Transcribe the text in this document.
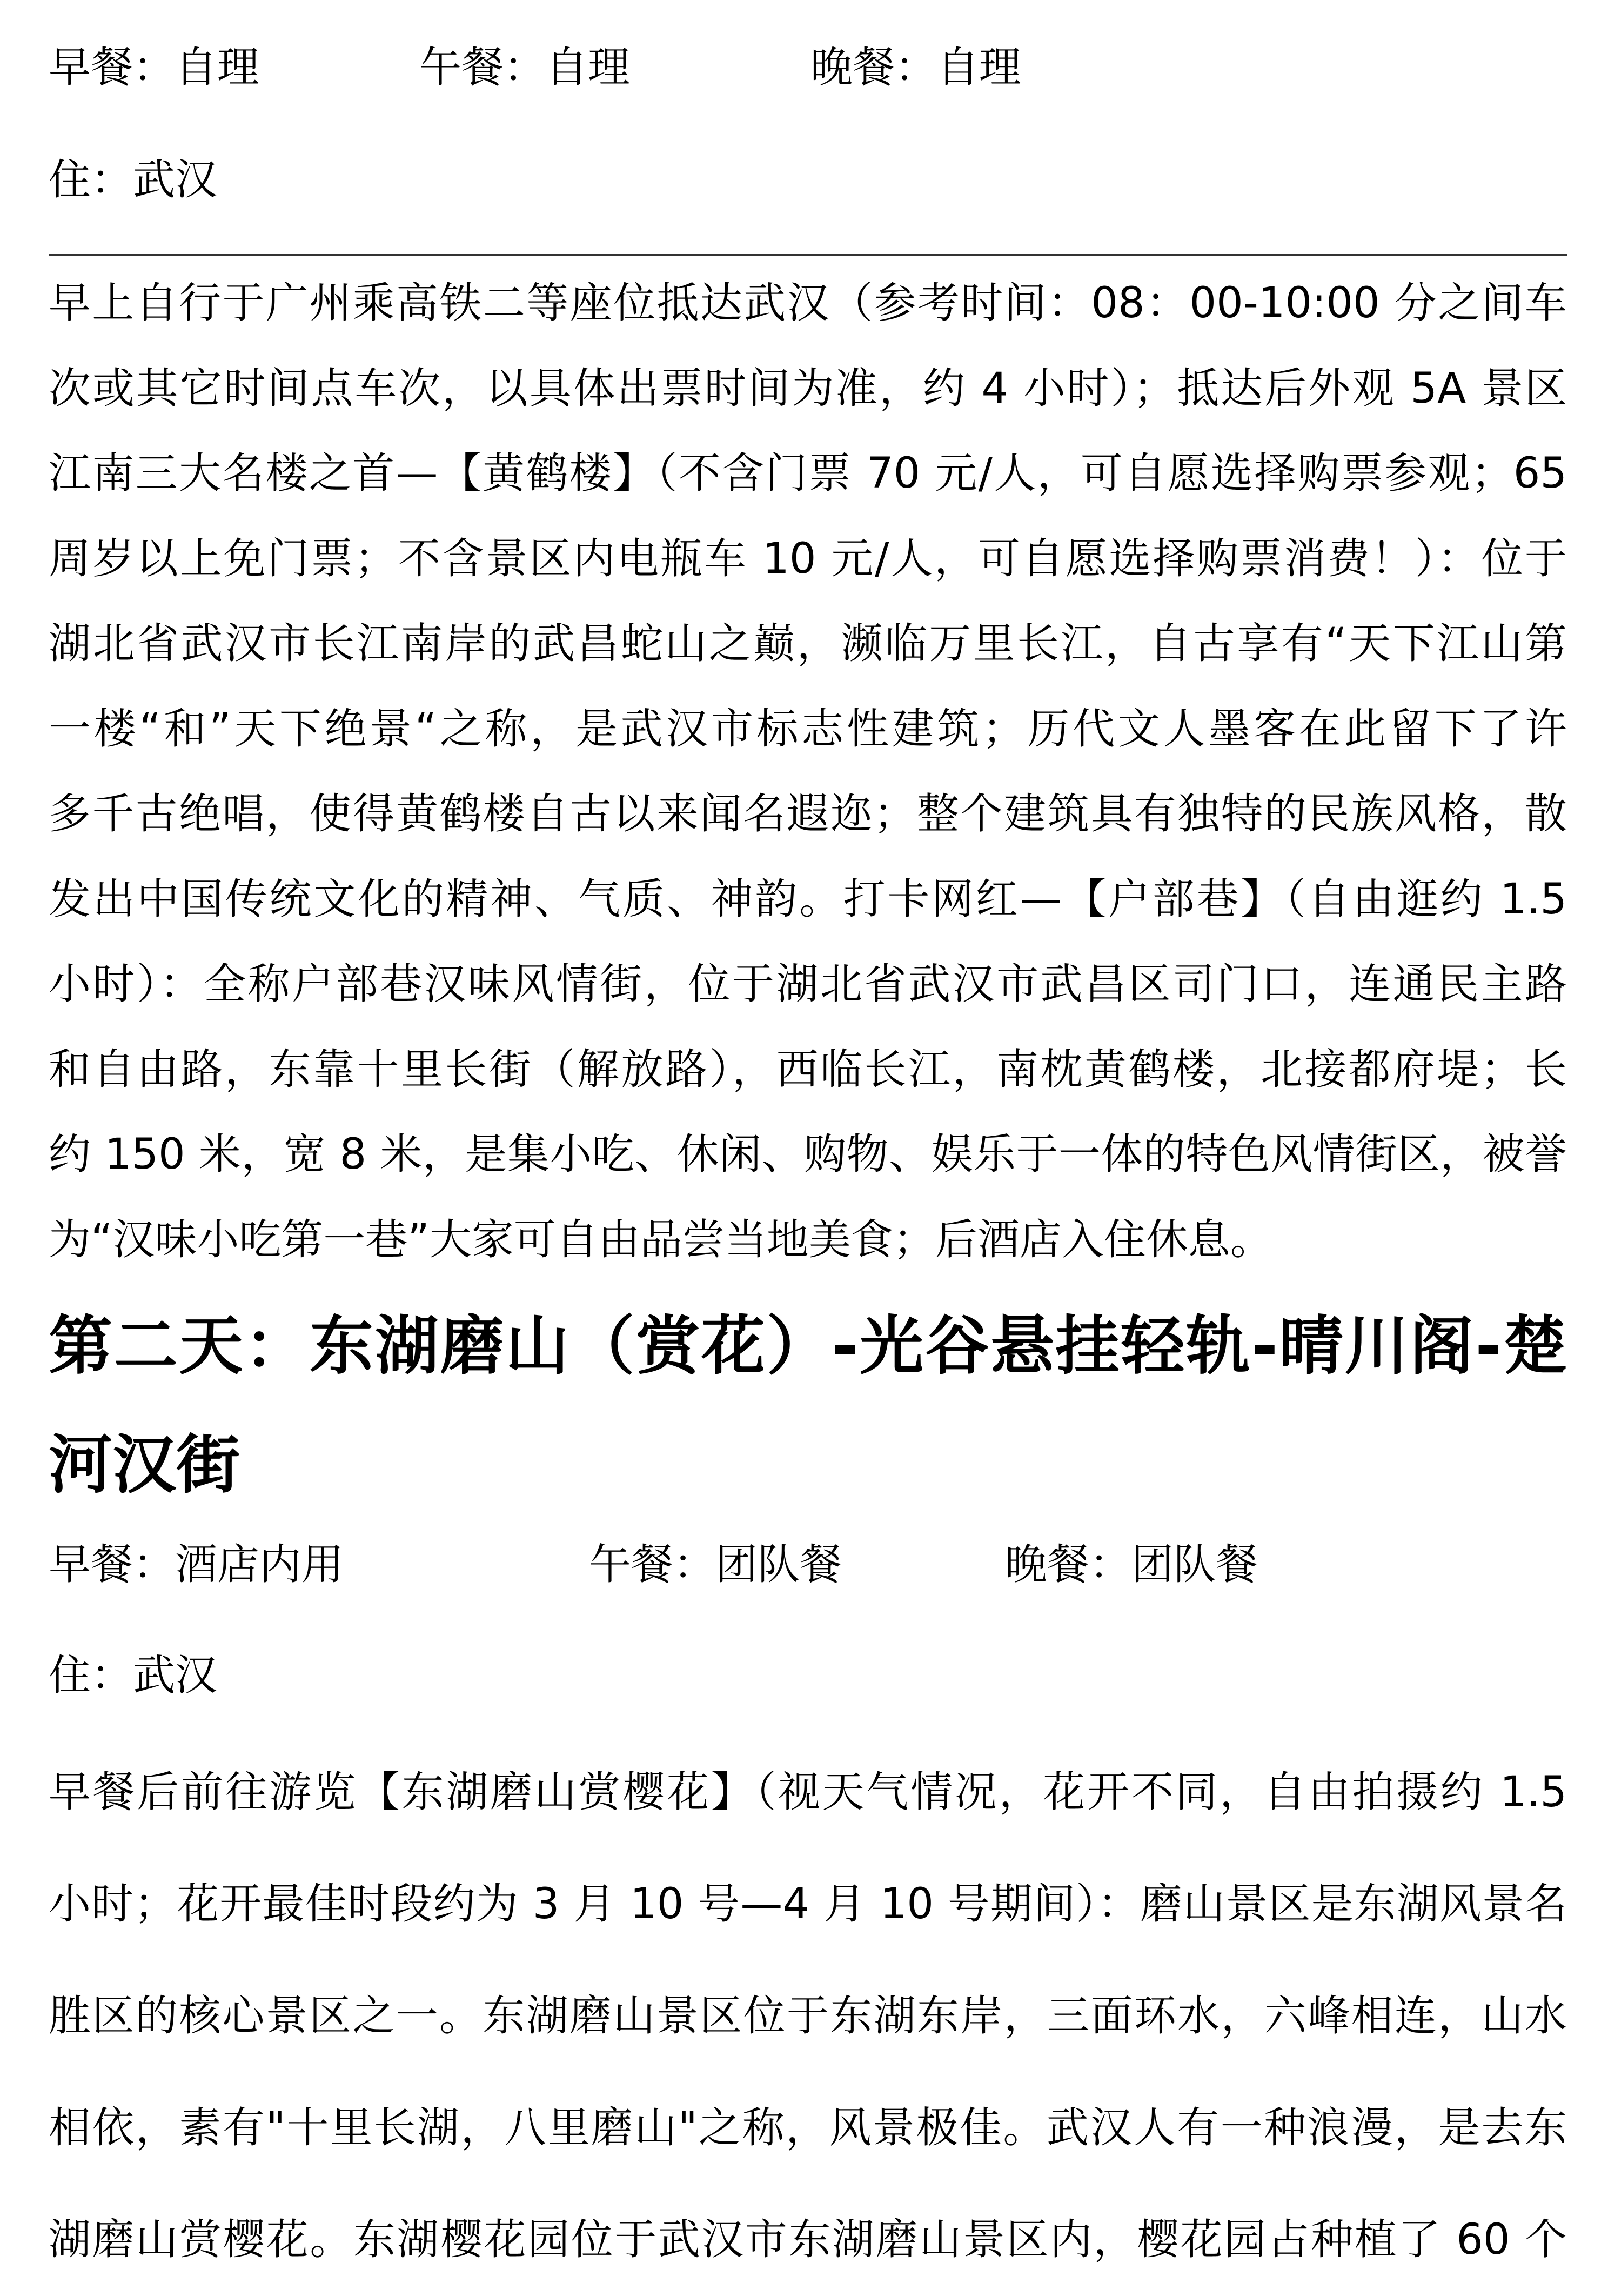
早餐：自理	午餐：自理	晚餐：自理
住：武汉
早上自行于广州乘高铁二等座位抵达武汉（参考时间：08：00-10:00 分之间车
次或其它时间点车次，以具体出票时间为准，约 4 小时）；抵达后外观 5A 景区
江南三大名楼之首—【黄鹤楼】（不含门票 70 元/人，可自愿选择购票参观；65
周岁以上免门票；不含景区内电瓶车 10 元/人，可自愿选择购票消费！）：位于
湖北省武汉市长江南岸的武昌蛇山之巅，濒临万里长江，自古享有“天下江山第
一楼“和”天下绝景“之称，是武汉市标志性建筑；历代文人墨客在此留下了许
多千古绝唱，使得黄鹤楼自古以来闻名遐迩；整个建筑具有独特的民族风格，散
发出中国传统文化的精神、气质、神韵。打卡网红—【户部巷】（自由逛约 1.5
小时）：全称户部巷汉味风情街，位于湖北省武汉市武昌区司门口，连通民主路
和自由路，东靠十里长街（解放路），西临长江，南枕黄鹤楼，北接都府堤；长
约 150 米，宽 8 米，是集小吃、休闲、购物、娱乐于一体的特色风情街区，被誉
为“汉味小吃第一巷”大家可自由品尝当地美食；后酒店入住休息。
第二天：东湖磨山（赏花）-光谷悬挂轻轨-晴川阁-楚
河汉街
早餐：酒店内用	午餐：团队餐	晚餐：团队餐
住：武汉
早餐后前往游览【东湖磨山赏樱花】（视天气情况，花开不同，自由拍摄约 1.5
小时；花开最佳时段约为 3 月 10 号—4 月 10 号期间）：磨山景区是东湖风景名
胜区的核心景区之一。东湖磨山景区位于东湖东岸，三面环水，六峰相连，山水
相依，素有"十里长湖，八里磨山"之称，风景极佳。武汉人有一种浪漫，是去东
湖磨山赏樱花。东湖樱花园位于武汉市东湖磨山景区内，樱花园占种植了 60 个
